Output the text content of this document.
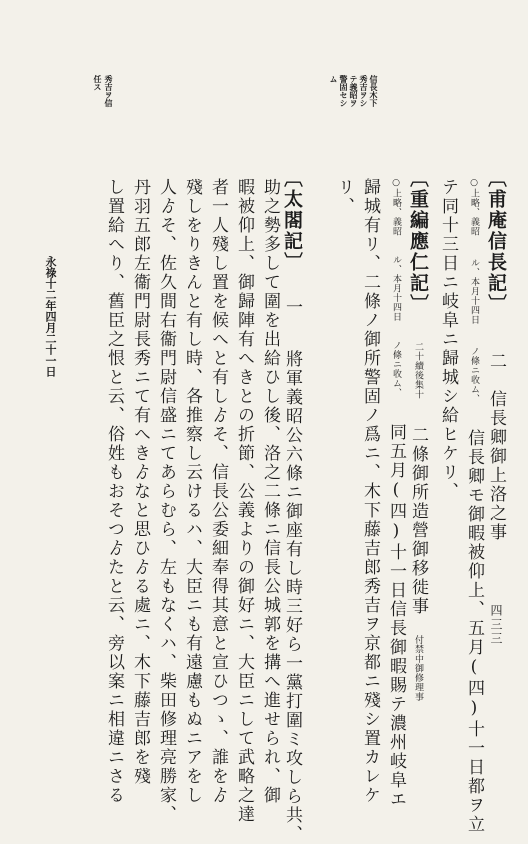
信長木下
秀吉ヲシ
テ義昭ヲ
警固セシ
ム
秀吉ヲ信
任ス
〔甫庵信長記〕 二　信長卿御上洛之事
○上略、義昭 ル、本月十四日 ノ條ニ收ム、 信長卿モ御暇被仰上、五月(四)十一日都ヲ立
テ同十三日ニ岐阜ニ歸城シ給ヒケリ、
〔重編應仁記〕 二十續後集十 二條御所造營御移徙事 付禁中御修理事
○上略、義昭 ル、本月十四日 ノ條ニ收ム、 同五月(四)十一日信長御暇賜テ濃州岐阜エ
歸城有リ、二條ノ御所警固ノ爲ニ、木下藤吉郎秀吉ヲ京都ニ殘シ置カレケ
リ、
〔太閤記〕 一 將軍義昭公六條ニ御座有し時三好ら一黨打圍ミ攻しら共、
助之勢多して圍を出給ひし後、洛之二條ニ信長公城郭を搆へ進せられ、御
暇被仰上、御歸陣有へきとの折節、公義よりの御好ニ、大臣ニして武略之達
者一人殘し置を候へと有しゟそ、信長公委細奉得其意と宣ひつゝ、誰をゟ
殘しをりきんと有し時、各推察し云けるハ、大臣ニも有遠慮もぬニアをし
人ゟそ、佐久間右衞門尉信盛ニてあらむら、左もなくハ、柴田修理亮勝家、
丹羽五郎左衞門尉長秀ニて有へきゟなと思ひゟる處ニ、木下藤吉郎を殘
し置給へり、舊臣之恨と云、俗姓もおそつゟたと云、旁以案ニ相違ニさる
永祿十二年四月二十一日
四三三
